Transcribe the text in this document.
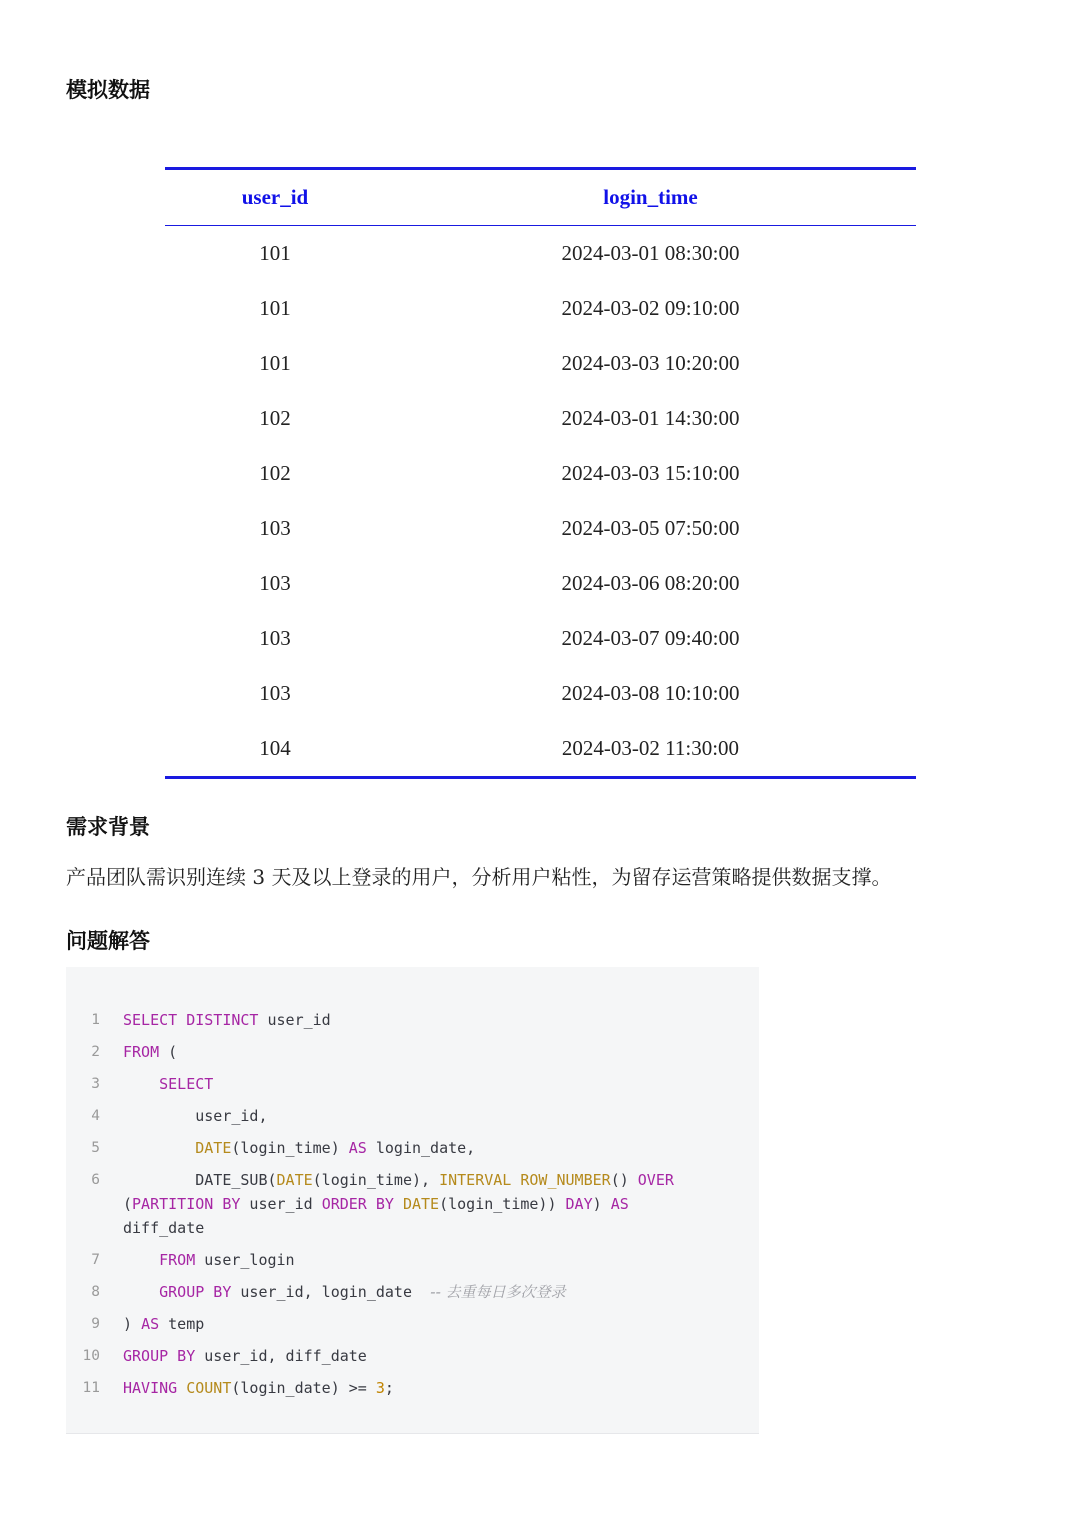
模拟数据
user_id	login_time
101	2024-03-01 08:30:00
101	2024-03-02 09:10:00
101	2024-03-03 10:20:00
102	2024-03-01 14:30:00
102	2024-03-03 15:10:00
103	2024-03-05 07:50:00
103	2024-03-06 08:20:00
103	2024-03-07 09:40:00
103	2024-03-08 10:10:00
104	2024-03-02 11:30:00
需求背景

产品团队需识别连续 3 天及以上登录的用户，分析用户粘性，为留存运营策略提供数据支撑。

问题解答
1 SELECT DISTINCT user_id
2 FROM (
3	SELECT
4 user_id,
5	DATE(login_time) AS login_date,
6 DATE_SUB(DATE(login_time), INTERVAL ROW_NUMBER() OVER
(PARTITION BY user_id ORDER BY DATE(login_time)) DAY) AS
diff_date
7	FROM user_login
8	GROUP BY user_id, login_date  -- 去重每日多次登录
9 ) AS temp
10 GROUP BY user_id, diff_date
11 HAVING COUNT(login_date) >= 3;
